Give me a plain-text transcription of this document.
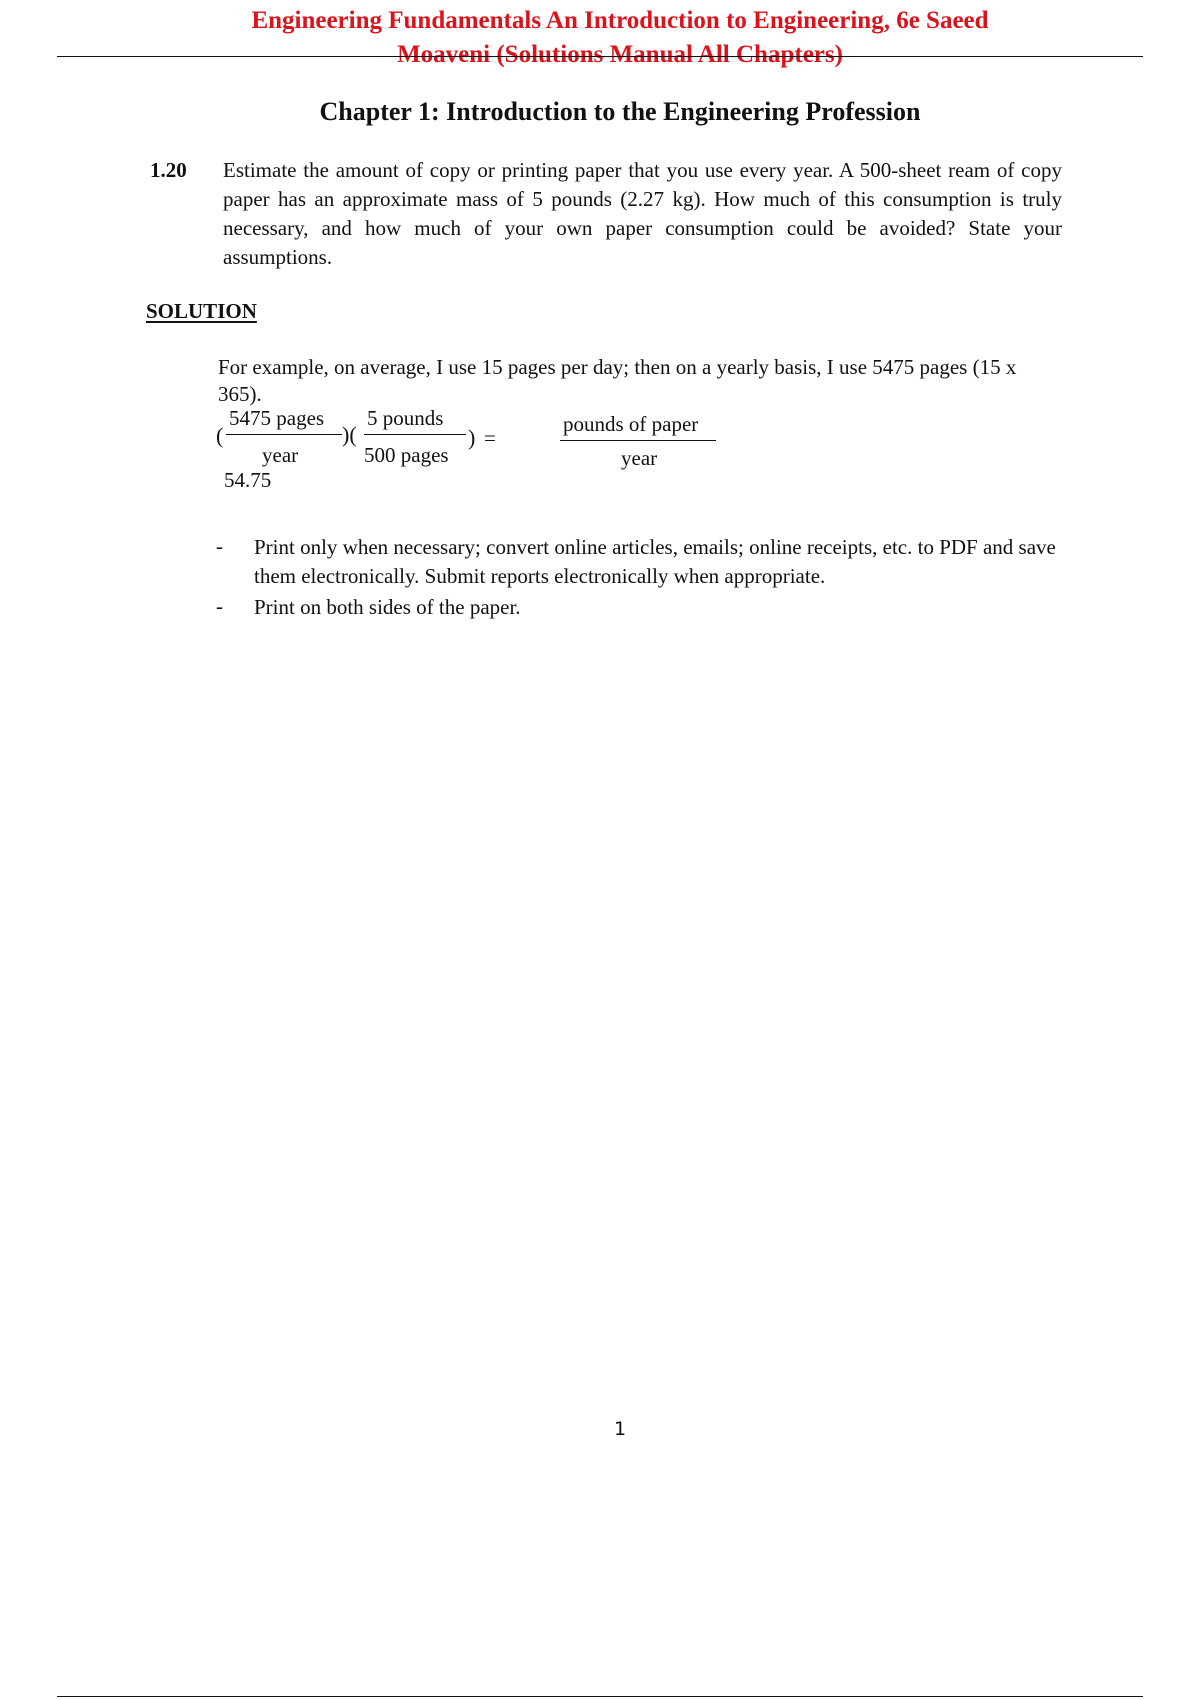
Engineering Fundamentals An Introduction to Engineering, 6e Saeed
Moaveni (Solutions Manual All Chapters)
Chapter 1: Introduction to the Engineering Profession
1.20 Estimate the amount of copy or printing paper that you use every year. A 500-sheet ream of copy paper has an approximate mass of 5 pounds (2.27 kg). How much of this consumption is truly necessary, and how much of your own paper consumption could be avoided? State your assumptions.
SOLUTION
For example, on average, I use 15 pages per day; then on a yearly basis, I use 5475 pages (15 x 365).
(
5475 pages
year
)(
5 pounds
500 pages
) =
54.75
pounds of paper
year
- Print only when necessary; convert online articles, emails; online receipts, etc. to PDF and save them electronically. Submit reports electronically when appropriate.
- Print on both sides of the paper.
1
